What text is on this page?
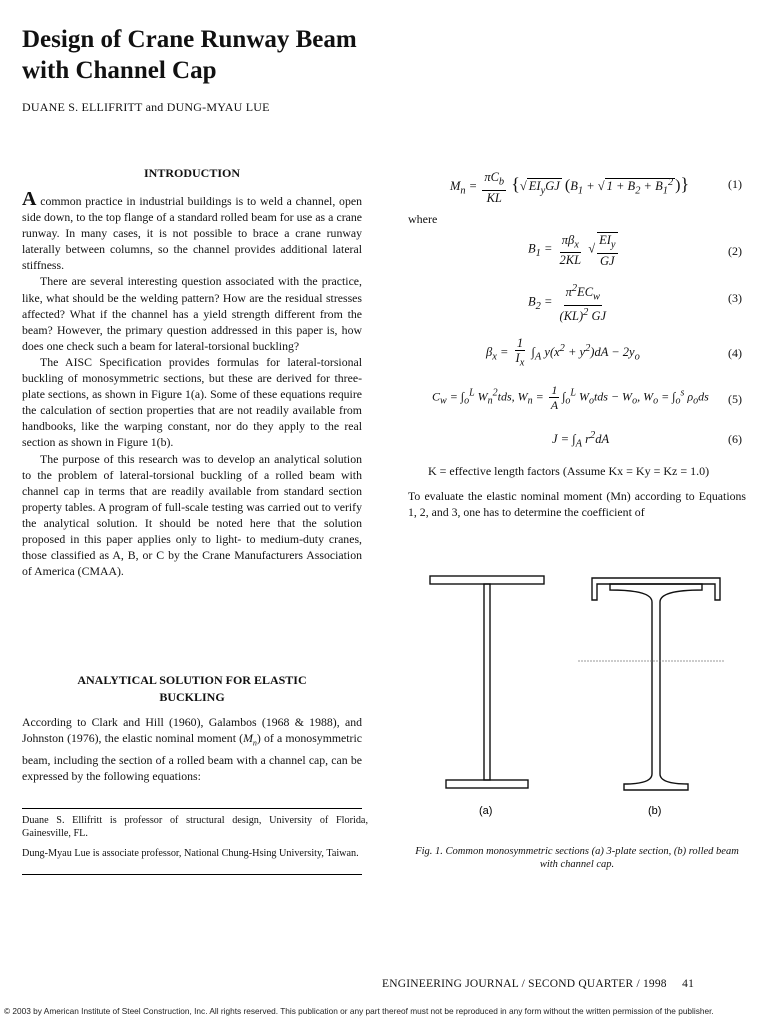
Design of Crane Runway Beam
with Channel Cap
DUANE S. ELLIFRITT and DUNG-MYAU LUE
INTRODUCTION

A common practice in industrial buildings is to weld a channel, open side down, to the top flange of a standard rolled beam for use as a crane runway. In many cases, it is not possible to brace a crane runway laterally between columns, so the channel provides additional lateral stiffness.

There are several interesting question associated with the practice, like, what should be the welding pattern? How are the residual stresses affected? What if the channel has a yield strength different from the beam? However, the primary question addressed in this paper is, how does one check such a beam for lateral-torsional buckling?

The AISC Specification provides formulas for lateral-torsional buckling of monosymmetric sections, but these are derived for three-plate sections, as shown in Figure 1(a). Some of these equations require the calculation of section properties that are not readily available from handbooks, like the warping constant, nor do they apply to the real section as shown in Figure 1(b).

The purpose of this research was to develop an analytical solution to the problem of lateral-torsional buckling of a rolled beam with channel cap in terms that are readily available from standard section property tables. A program of full-scale testing was carried out to verify the analytical solution. It should be noted here that the solution proposed in this paper applies only to light- to medium-duty cranes, those classified as A, B, or C by the Crane Manufacturers Association of America (CMAA).

ANALYTICAL SOLUTION FOR ELASTIC
BUCKLING
According to Clark and Hill (1960), Galambos (1968 & 1988), and Johnston (1976), the elastic nominal moment $(M_n)$ of a monosymmetric beam, including the section of a rolled beam with a channel cap, can be expressed by the following equations:
Duane S. Ellifritt is professor of structural design, University of Florida, Gainesville, FL.
Dung-Myau Lue is associate professor, National Chung-Hsing University, Taiwan.
$M_n = \frac{\pi C_b}{KL}$ {√ $EI_yGJ$ ($B_1$ + √ $1 + B_2 + B_1^2$ )}	(1)
where
$B_1 = \frac{\pi\beta_x}{2KL}$ √ $\frac{EI_y}{GJ}$	(2)
$B_2 = \frac{\pi^2EC_w}{(KL)^2 GJ}$	(3)
$\beta_x = \frac{1}{I_x} \int_A$ $y(x^2 + y^2)dA - 2y_o$	(4)
$C_w = \int_o^L$ $W_n^2tds$, $W_n = \frac{1}{A} \int_o^L$ $W_otds - W_o$, $W_o = \int_o^s$ $\rho_ods$ (5)
$J = \int_A$ $r^2dA$	(6)
K = effective length factors (Assume Kx = Ky = Kz = 1.0)
To evaluate the elastic nominal moment (Mn) according to Equations 1, 2, and 3, one has to determine the coefficient of
(a)	(b)
Fig. 1. Common monosymmetric sections (a) 3-plate section, (b) rolled beam with channel cap.
ENGINEERING JOURNAL / SECOND QUARTER / 1998     41
© 2003 by American Institute of Steel Construction, Inc. All rights reserved. This publication or any part thereof must not be reproduced in any form without the written permission of the publisher.
